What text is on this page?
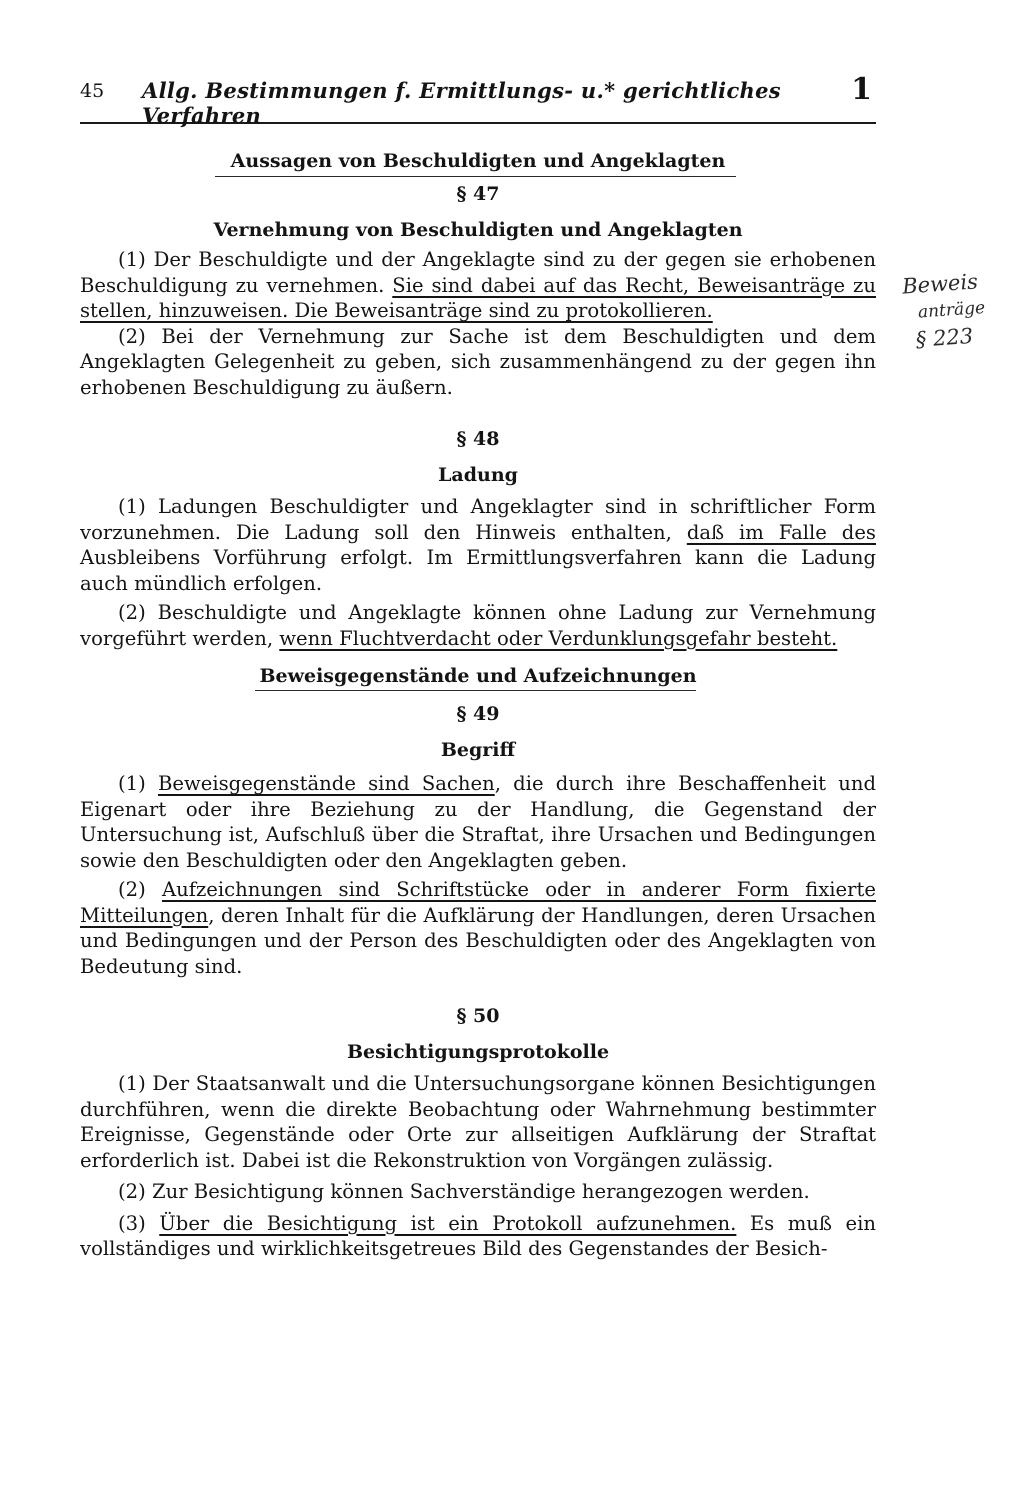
45 Allg. Bestimmungen f. Ermittlungs- u.* gerichtliches Verfahren
1
Aussagen von Beschuldigten und Angeklagten
§ 47
Vernehmung von Beschuldigten und Angeklagten

(1) Der Beschuldigte und der Angeklagte sind zu der gegen sie erhobenen Beschuldigung zu vernehmen. Sie sind dabei auf das Recht, Beweisanträge zu stellen, hinzuweisen. Die Beweisanträge sind zu protokollieren.

(2) Bei der Vernehmung zur Sache ist dem Beschuldigten und dem Angeklagten Gelegenheit zu geben, sich zusammenhängend zu der gegen ihn erhobenen Beschuldigung zu äußern.

§ 48
Ladung

(1) Ladungen Beschuldigter und Angeklagter sind in schriftlicher Form vorzunehmen. Die Ladung soll den Hinweis enthalten, daß im Falle des Ausbleibens Vorführung erfolgt. Im Ermittlungsverfahren kann die Ladung auch mündlich erfolgen.

(2) Beschuldigte und Angeklagte können ohne Ladung zur Vernehmung vorgeführt werden, wenn Fluchtverdacht oder Verdunklungsgefahr besteht.

Beweisgegenstände und Aufzeichnungen
§ 49
Begriff

(1) Beweisgegenstände sind Sachen, die durch ihre Beschaffenheit und Eigenart oder ihre Beziehung zu der Handlung, die Gegenstand der Untersuchung ist, Aufschluß über die Straftat, ihre Ursachen und Bedingungen sowie den Beschuldigten oder den Angeklagten geben.

(2) Aufzeichnungen sind Schriftstücke oder in anderer Form fixierte Mitteilungen, deren Inhalt für die Aufklärung der Handlungen, deren Ursachen und Bedingungen und der Person des Beschuldigten oder des Angeklagten von Bedeutung sind.

§ 50
Besichtigungsprotokolle

(1) Der Staatsanwalt und die Untersuchungsorgane können Besichtigungen durchführen, wenn die direkte Beobachtung oder Wahrnehmung bestimmter Ereignisse, Gegenstände oder Orte zur allseitigen Aufklärung der Straftat erforderlich ist. Dabei ist die Rekonstruktion von Vorgängen zulässig.

(2) Zur Besichtigung können Sachverständige herangezogen werden.

(3) Über die Besichtigung ist ein Protokoll aufzunehmen. Es muß ein vollständiges und wirklichkeitsgetreues Bild des Gegenstandes der Besich-

Beweis
anträge
§ 223
